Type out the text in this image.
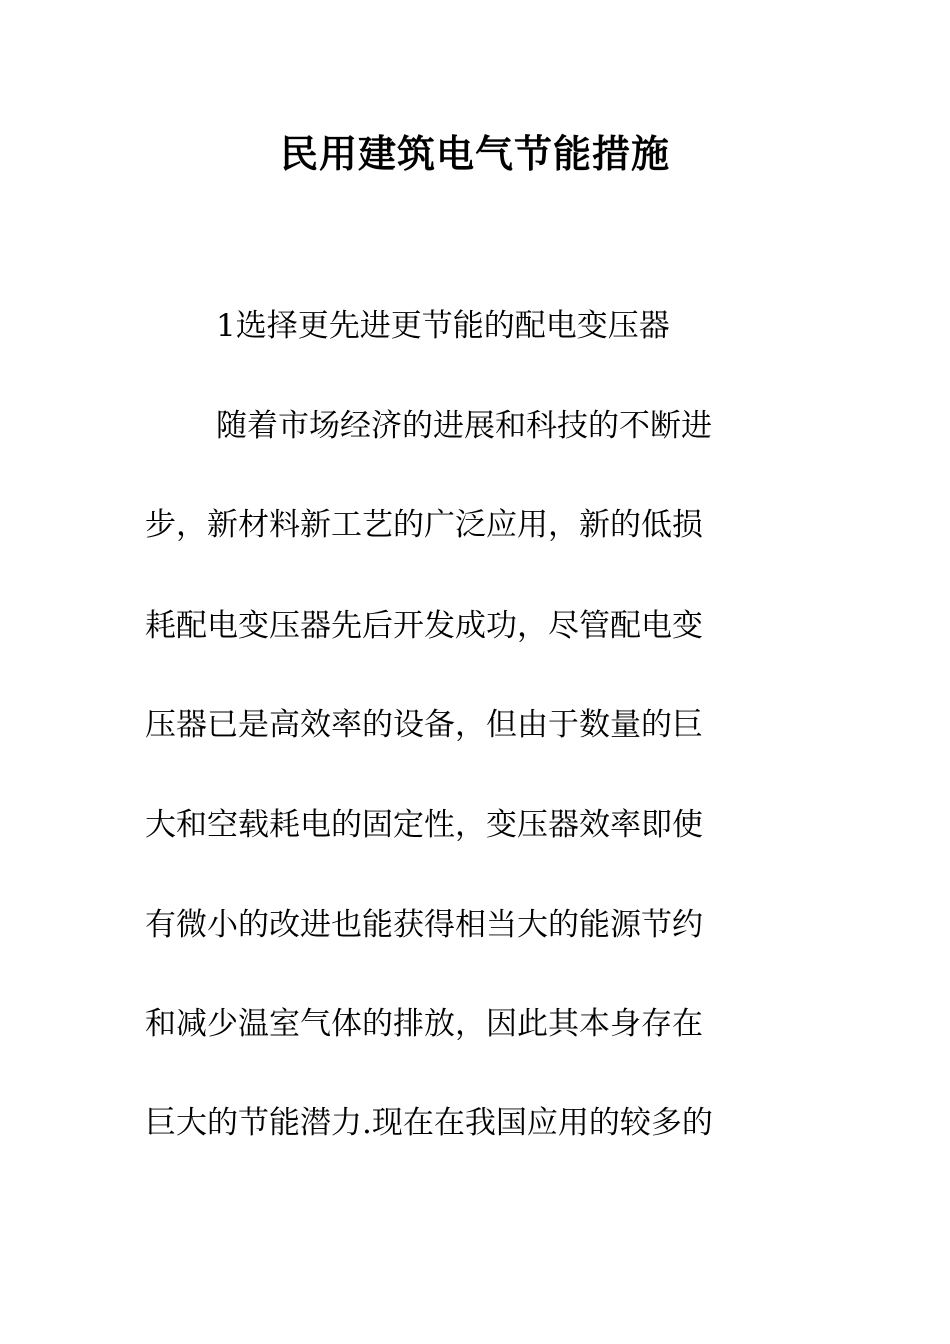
民用建筑电气节能措施

1选择更先进更节能的配电变压器

随着市场经济的进展和科技的不断进

步，新材料新工艺的广泛应用，新的低损

耗配电变压器先后开发成功，尽管配电变

压器已是高效率的设备，但由于数量的巨

大和空载耗电的固定性，变压器效率即使

有微小的改进也能获得相当大的能源节约

和减少温室气体的排放，因此其本身存在

巨大的节能潜力.现在在我国应用的较多的
